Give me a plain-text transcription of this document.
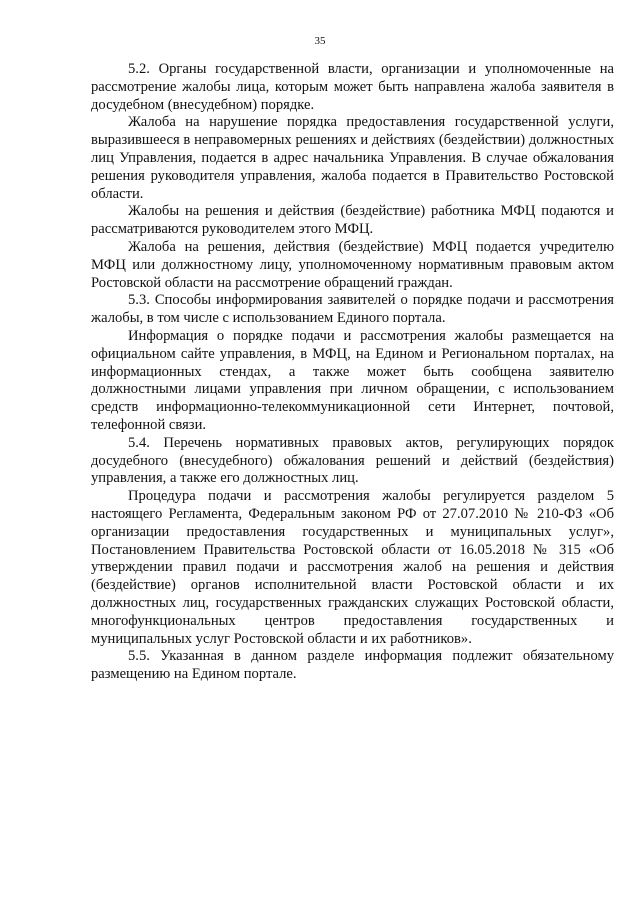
35

5.2. Органы государственной власти, организации и уполномоченные на рассмотрение жалобы лица, которым может быть направлена жалоба заявителя в досудебном (внесудебном) порядке.

Жалоба на нарушение порядка предоставления государственной услуги, выразившееся в неправомерных решениях и действиях (бездействии) должностных лиц Управления, подается в адрес начальника Управления. В случае обжалования решения руководителя управления, жалоба подается в Правительство Ростовской области.

Жалобы на решения и действия (бездействие) работника МФЦ подаются и рассматриваются руководителем этого МФЦ.

Жалоба на решения, действия (бездействие) МФЦ подается учредителю МФЦ или должностному лицу, уполномоченному нормативным правовым актом Ростовской области на рассмотрение обращений граждан.

5.3. Способы информирования заявителей о порядке подачи и рассмотрения жалобы, в том числе с использованием Единого портала.

Информация о порядке подачи и рассмотрения жалобы размещается на официальном сайте управления, в МФЦ, на Едином и Региональном порталах, на информационных стендах, а также может быть сообщена заявителю должностными лицами управления при личном обращении, с использованием средств информационно-телекоммуникационной сети Интернет, почтовой, телефонной связи.

5.4. Перечень нормативных правовых актов, регулирующих порядок досудебного (внесудебного) обжалования решений и действий (бездействия) управления, а также его должностных лиц.

Процедура подачи и рассмотрения жалобы регулируется разделом 5 настоящего Регламента, Федеральным законом РФ от 27.07.2010 № 210-ФЗ «Об организации предоставления государственных и муниципальных услуг», Постановлением Правительства Ростовской области от 16.05.2018 № 315 «Об утверждении правил подачи и рассмотрения жалоб на решения и действия (бездействие) органов исполнительной власти Ростовской области и их должностных лиц, государственных гражданских служащих Ростовской области, многофункциональных центров предоставления государственных и муниципальных услуг Ростовской области и их работников».

5.5. Указанная в данном разделе информация подлежит обязательному размещению на Едином портале.
